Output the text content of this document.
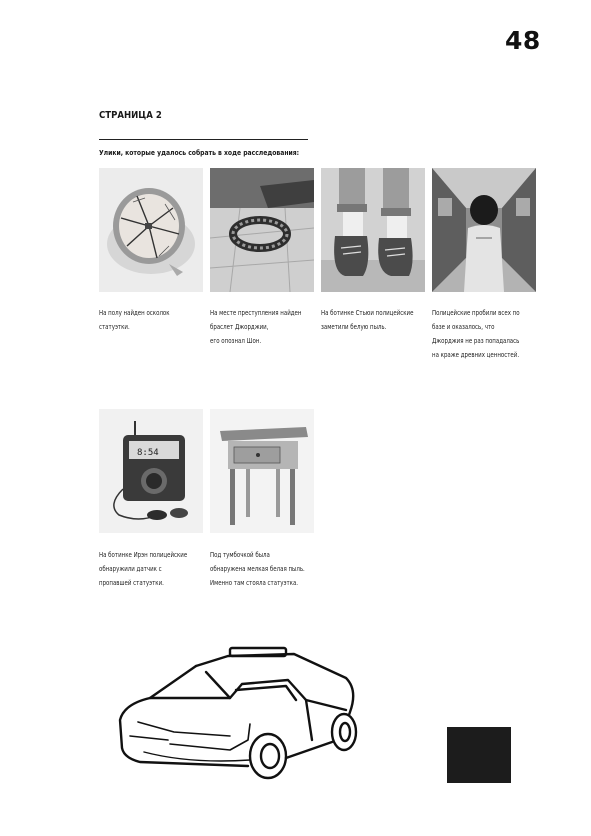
48
СТРАНИЦА 2
Улики, которые удалось собрать в ходе расследования:
8:54
На полу найден осколок
статуэтки.
На месте преступления найден
браслет Джорджии,
его опознал Шон.
На ботинке Стьюи полицейские
заметили белую пыль.
Полицейские пробили всех по
базе и оказалось, что
Джорджия не раз попадалась
на краже древних ценностей.
На ботинке Ирэн полицейские
обнаружили датчик с
пропавшей статуэтки.
Под тумбочкой была
обнаружена мелкая белая пыль.
Именно там стояла статуэтка.
